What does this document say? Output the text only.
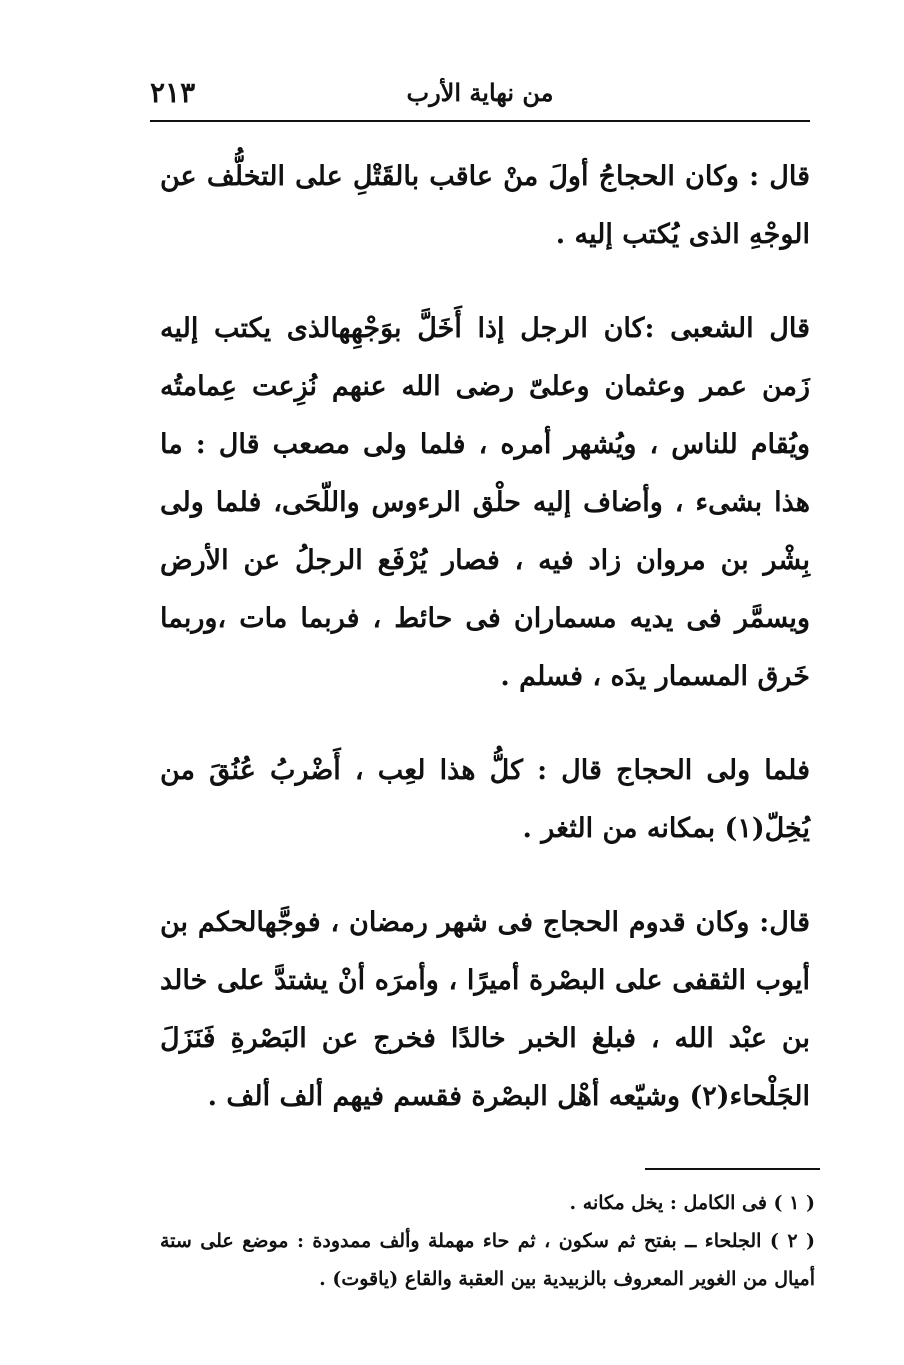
من نهاية الأرب
٢١٣

قال : وكان الحجاجُ أولَ منْ عاقب بالقَتْلِ على التخلُّف عن الوجْهِ الذى يُكتب إليه .

قال الشعبى :كان الرجل إذا أَخَلَّ بوَجْهِهالذى يكتب إليه زَمن عمر وعثمان وعلىّ رضى الله عنهم نُزِعت عِمامتُه ويُقام للناس ، ويُشهر أمره ، فلما ولى مصعب قال : ما هذا بشىء ، وأضاف إليه حلْق الرءوس واللّحَى، فلما ولى بِشْر بن مروان زاد فيه ، فصار يُرْفَع الرجلُ عن الأرض ويسمَّر فى يديه مسماران فى حائط ، فربما مات ،وربما خَرق المسمار يدَه ، فسلم .

فلما ولى الحجاج قال : كلُّ هذا لعِب ، أَضْربُ عُنُقَ من يُخِلّ(١) بمكانه من الثغر .

قال: وكان قدوم الحجاج فى شهر رمضان ، فوجَّهالحكم بن أيوب الثقفى على البصْرة أميرًا ، وأمرَه أنْ يشتدَّ على خالد بن عبْد الله ، فبلغ الخبر خالدًا فخرج عن البَصْرةِ فَنَزَلَ الجَلْحاء(٢) وشيّعه أهْل البصْرة فقسم فيهم ألف ألف .

( ١ ) فى الكامل : يخل مكانه .

( ٢ ) الجلحاء ــ بفتح ثم سكون ، ثم حاء مهملة وألف ممدودة : موضع على ستة أميال من الغوير المعروف بالزبيدية بين العقبة والقاع (ياقوت) .
